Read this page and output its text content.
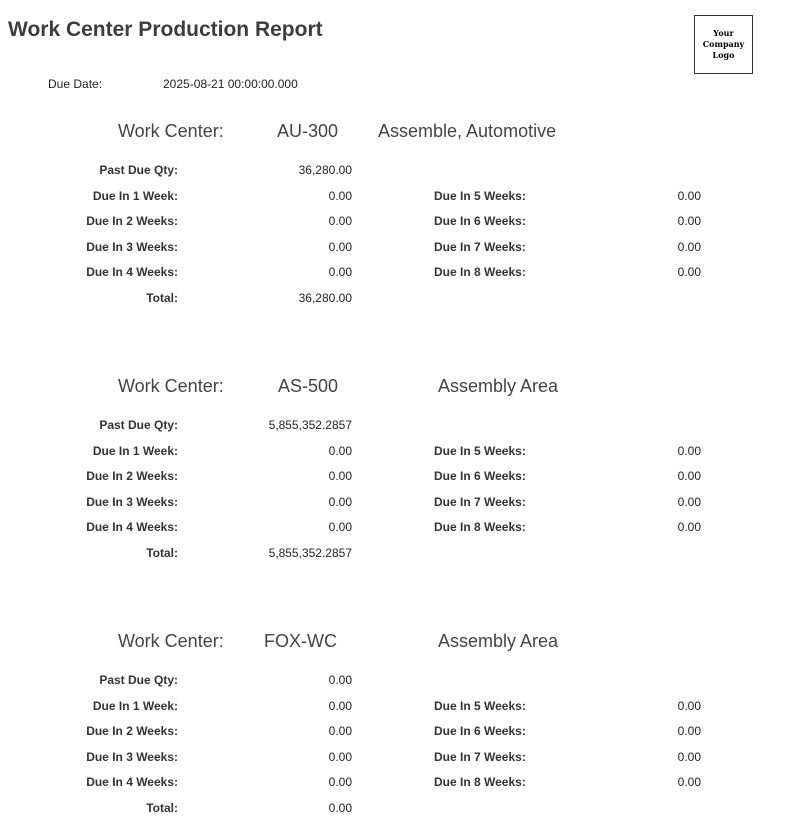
Work Center Production Report	Your
Company
Logo
Due Date:	2025-08-21 00:00:00.000
Work Center:	AU-300 Assemble, Automotive
Past Due Qty:	36,280.00
Due In 1 Week:	0.00
Due In 2 Weeks:	0.00
Due In 3 Weeks:	0.00
Due In 4 Weeks:	0.00
Total:	36,280.00
Due In 5 Weeks:	0.00
Due In 6 Weeks:	0.00
Due In 7 Weeks:	0.00
Due In 8 Weeks:	0.00
Work Center:	AS-500	Assembly Area
Past Due Qty:	5,855,352.2857
Due In 1 Week:	0.00
Due In 2 Weeks:	0.00
Due In 3 Weeks:	0.00
Due In 4 Weeks:	0.00
Total:	5,855,352.2857
Due In 5 Weeks:	0.00
Due In 6 Weeks:	0.00
Due In 7 Weeks:	0.00
Due In 8 Weeks:	0.00
Work Center: FOX-WC	Assembly Area
Past Due Qty:	0.00
Due In 1 Week:	0.00
Due In 2 Weeks:	0.00
Due In 3 Weeks:	0.00
Due In 4 Weeks:	0.00
Total:	0.00
Due In 5 Weeks:	0.00
Due In 6 Weeks:	0.00
Due In 7 Weeks:	0.00
Due In 8 Weeks:	0.00
